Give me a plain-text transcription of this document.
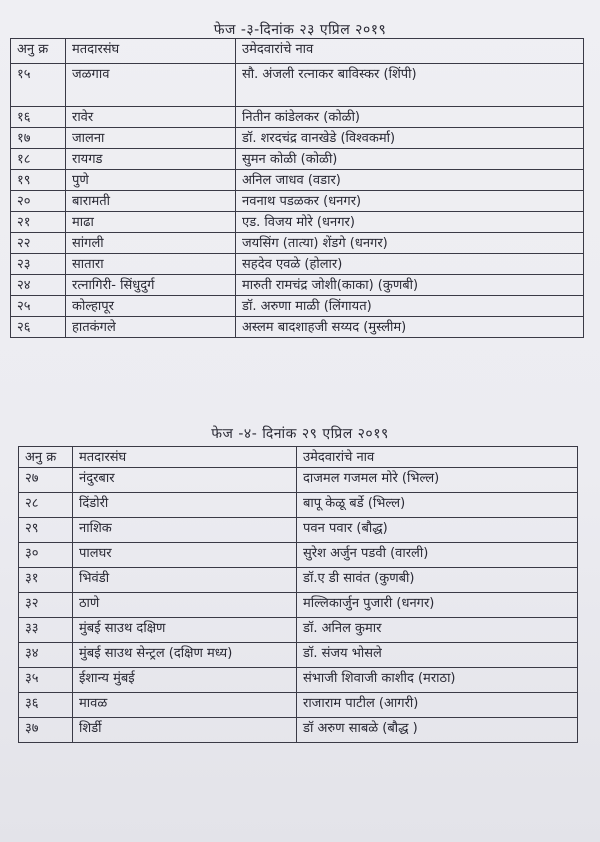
फेज -३-दिनांक २३ एप्रिल २०१९
अनु क्र	मतदारसंघ	उमेदवारांचे नाव
१५	जळगाव	सौ. अंजली रत्नाकर बाविस्कर (शिंपी)
१६	रावेर	नितीन कांडेलकर (कोळी)
१७	जालना	डॉ. शरदचंद्र वानखेडे (विश्वकर्मा)
१८	रायगड	सुमन कोळी (कोळी)
१९	पुणे	अनिल जाधव (वडार)
२०	बारामती	नवनाथ पडळकर (धनगर)
२१	माढा	एड. विजय मोरे (धनगर)
२२	सांगली	जयसिंग (तात्या) शेंडगे (धनगर)
२३	सातारा	सहदेव एवळे (होलार)
२४	रत्नागिरी- सिंधुदुर्ग	मारुती रामचंद्र जोशी(काका) (कुणबी)
२५	कोल्हापूर	डॉ. अरुणा माळी (लिंगायत)
२६	हातकंगले	अस्लम बादशाहजी सय्यद (मुस्लीम)
फेज -४- दिनांक २९ एप्रिल २०१९
अनु क्र	मतदारसंघ	उमेदवारांचे नाव
२७	नंदुरबार	दाजमल गजमल मोरे (भिल्ल)
२८	दिंडोरी	बापू केळू बर्डे (भिल्ल)
२९	नाशिक	पवन पवार (बौद्ध)
३०	पालघर	सुरेश अर्जुन पडवी (वारली)
३१	भिवंडी	डॉ.ए डी सावंत (कुणबी)
३२	ठाणे	मल्लिकार्जुन पुजारी (धनगर)
३३	मुंबई साउथ दक्षिण	डॉ. अनिल कुमार
३४	मुंबई साउथ सेन्ट्रल (दक्षिण मध्य)	डॉ. संजय भोसले
३५	ईशान्य मुंबई	संभाजी शिवाजी काशीद (मराठा)
३६	मावळ	राजाराम पाटील (आगरी)
३७	शिर्डी	डॉ अरुण साबळे (बौद्ध )
